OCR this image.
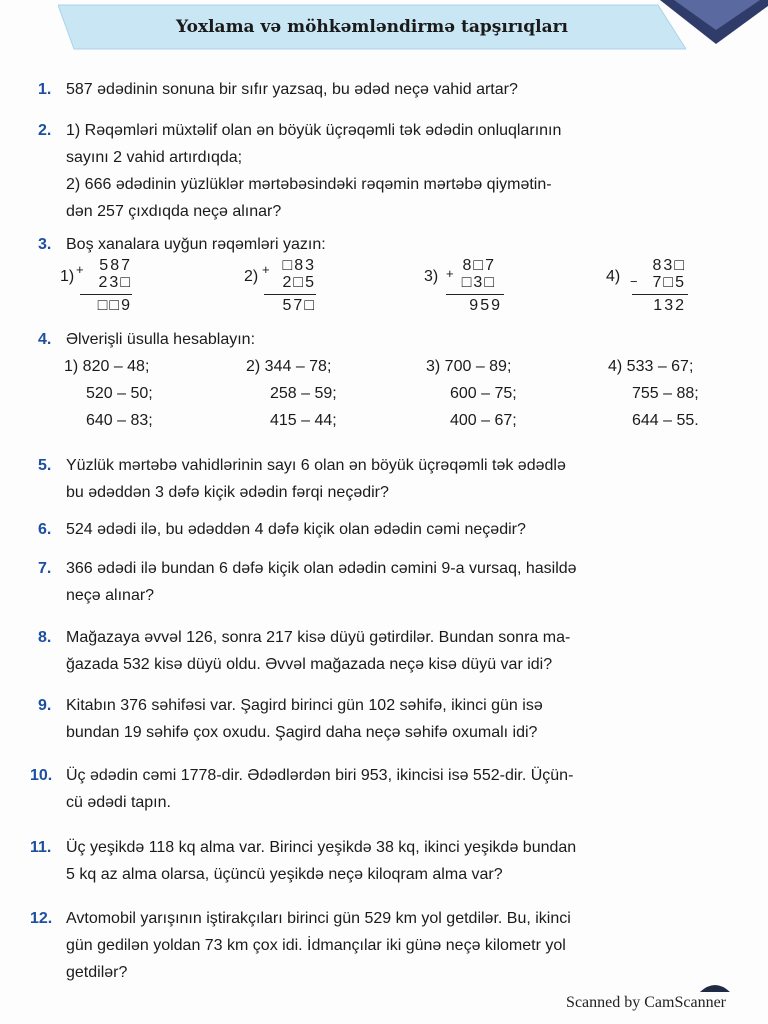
Yoxlama və möhkəmləndirmə tapşırıqları
1. 587 ədədinin sonuna bir sıfır yazsaq, bu ədəd neçə vahid artar?
2. 1) Rəqəmləri müxtəlif olan ən böyük üçrəqəmli tək ədədin onluqlarının
sayını 2 vahid artırdıqda;
2) 666 ədədinin yüzlüklər mərtəbəsindəki rəqəmin mərtəbə qiymətin-
dən 257 çıxdıqda neçə alınar?
3. Boş xanalara uyğun rəqəmləri yazın:
1) + 587
23□
□□9
2) + □83
2□5
57□
3) + 8□7
□3□
959
4) −
83□
7□5
132
4. Əlverişli üsulla hesablayın:
1) 820 – 48;	2) 344 – 78;	3) 700 – 89;	4) 533 – 67;
520 – 50;	258 – 59;	600 – 75;	755 – 88;
640 – 83;	415 – 44;	400 – 67;	644 – 55.
5. Yüzlük mərtəbə vahidlərinin sayı 6 olan ən böyük üçrəqəmli tək ədədlə
bu ədəddən 3 dəfə kiçik ədədin fərqi neçədir?
6. 524 ədədi ilə, bu ədəddən 4 dəfə kiçik olan ədədin cəmi neçədir?
7. 366 ədədi ilə bundan 6 dəfə kiçik olan ədədin cəmini 9-a vursaq, hasildə
neçə alınar?
8. Mağazaya əvvəl 126, sonra 217 kisə düyü gətirdilər. Bundan sonra ma-
ğazada 532 kisə düyü oldu. Əvvəl mağazada neçə kisə düyü var idi?
9. Kitabın 376 səhifəsi var. Şagird birinci gün 102 səhifə, ikinci gün isə
bundan 19 səhifə çox oxudu. Şagird daha neçə səhifə oxumalı idi?
10. Üç ədədin cəmi 1778-dir. Ədədlərdən biri 953, ikincisi isə 552-dir. Üçün-
cü ədədi tapın.
11. Üç yeşikdə 118 kq alma var. Birinci yeşikdə 38 kq, ikinci yeşikdə bundan
5 kq az alma olarsa, üçüncü yeşikdə neçə kiloqram alma var?
12. Avtomobil yarışının iştirakçıları birinci gün 529 km yol getdilər. Bu, ikinci
gün gedilən yoldan 73 km çox idi. İdmançılar iki günə neçə kilometr yol
getdilər?
Scanned by CamScanner
